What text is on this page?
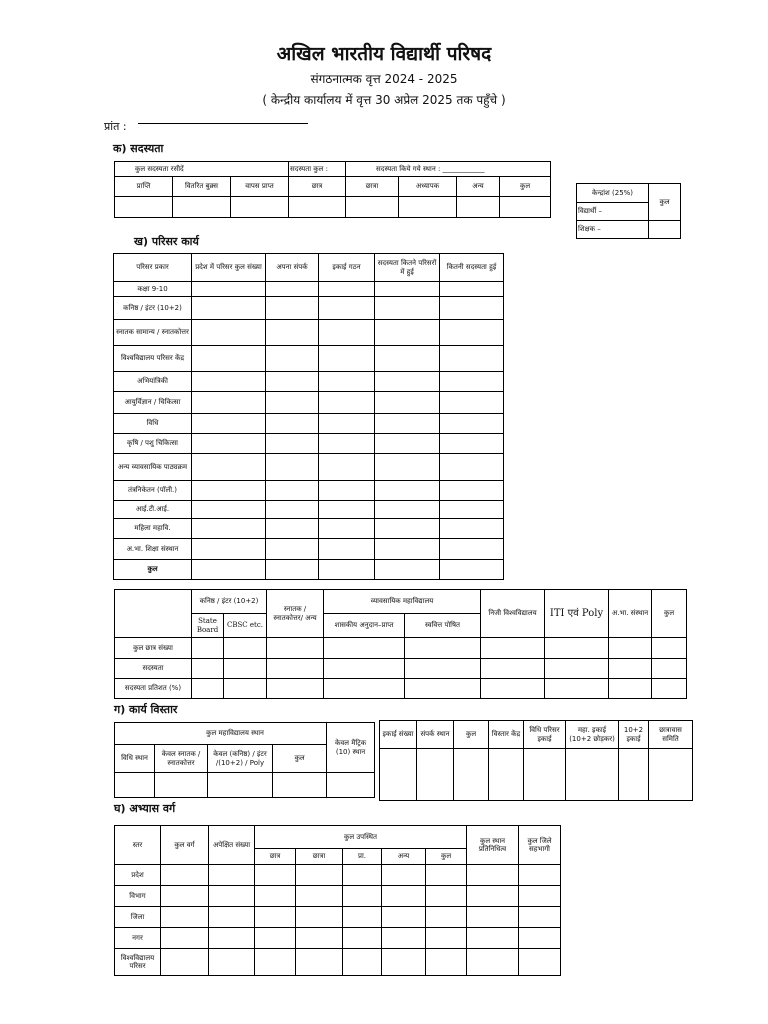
अखिल भारतीय विद्यार्थी परिषद
संगठनात्मक वृत्त 2024 - 2025
( केन्द्रीय कार्यालय में वृत्त 30 अप्रेल 2025 तक पहुँचे )
प्रांत :
क) सदस्यता
कुल सदस्यता रसीदें			सदस्यता कुल :	सदस्यता किये गये स्थान : ____________			
प्राप्ति	वितरित बुक्र्स	वापस प्राप्त	छात्र	छात्रा	अध्यापक	अन्य	कुल

केन्द्रांश (25%)	कुल
विद्यार्थी –	
शिक्षक –	
ख) परिसर कार्य
परिसर प्रकार	प्रदेश में परिसर कुल संख्या	अपना संपर्क	इकाई गठन	सदस्यता कितने परिसरों में हुई	कितनी सदस्यता हुई
कक्षा 9-10					
कनिष्ठ / इंटर (10+2)					
स्नातक सामान्य / स्नातकोत्तर					
विश्वविद्यालय परिसर केंद्र					
अभियांत्रिकी					
आयुर्विज्ञान / चिकित्सा					
विधि					
कृषि / पशु चिकित्सा					
अन्य व्यावसायिक पाठ्यक्रम					
तंत्रनिकेतन (पॉली.)					
आई.टी.आई.					
महिला महावि.					
अ.भा. शिक्षा संस्थान					
कुल					
	कनिष्ठ / इंटर (10+2)		स्नातक / स्नातकोत्तर/ अन्य	व्यावसायिक महाविद्यालय		निजी विश्वविद्यालय	ITI एवं Poly	अ.भा. संस्थान	कुल
	State Board	CBSC etc.		शासकीय अनुदान–प्राप्त	स्ववित्त पोषित				
कुल छात्र संख्या									
सदस्यता									
सदस्यता प्रतिशत (%)									
ग) कार्य विस्तार
कुल महाविद्यालय स्थान				केवल मैट्रिक (10) स्थान
विधि स्थान	केवल स्नातक / स्नातकोत्तर	केवल (कनिष्ठ) / इंटर /(10+2) / Poly	कुल	

इकाई संख्या	संपर्क स्थान	कुल	विस्तार केंद्र	विधि परिसर इकाई	महा. इकाई (10+2 छोड़कर)	10+2 इकाई	छात्रावास समिति

घ) अभ्यास वर्ग
स्तर	कुल वर्ग	अपेक्षित संख्या	कुल उपस्थित					कुल स्थान प्रतिनिधित्व	कुल जिले सहभागी
			छात्र	छात्रा	प्रा.	अन्य	कुल		
प्रदेश									
विभाग									
जिला									
नगर									
विश्वविद्यालय परिसर									
